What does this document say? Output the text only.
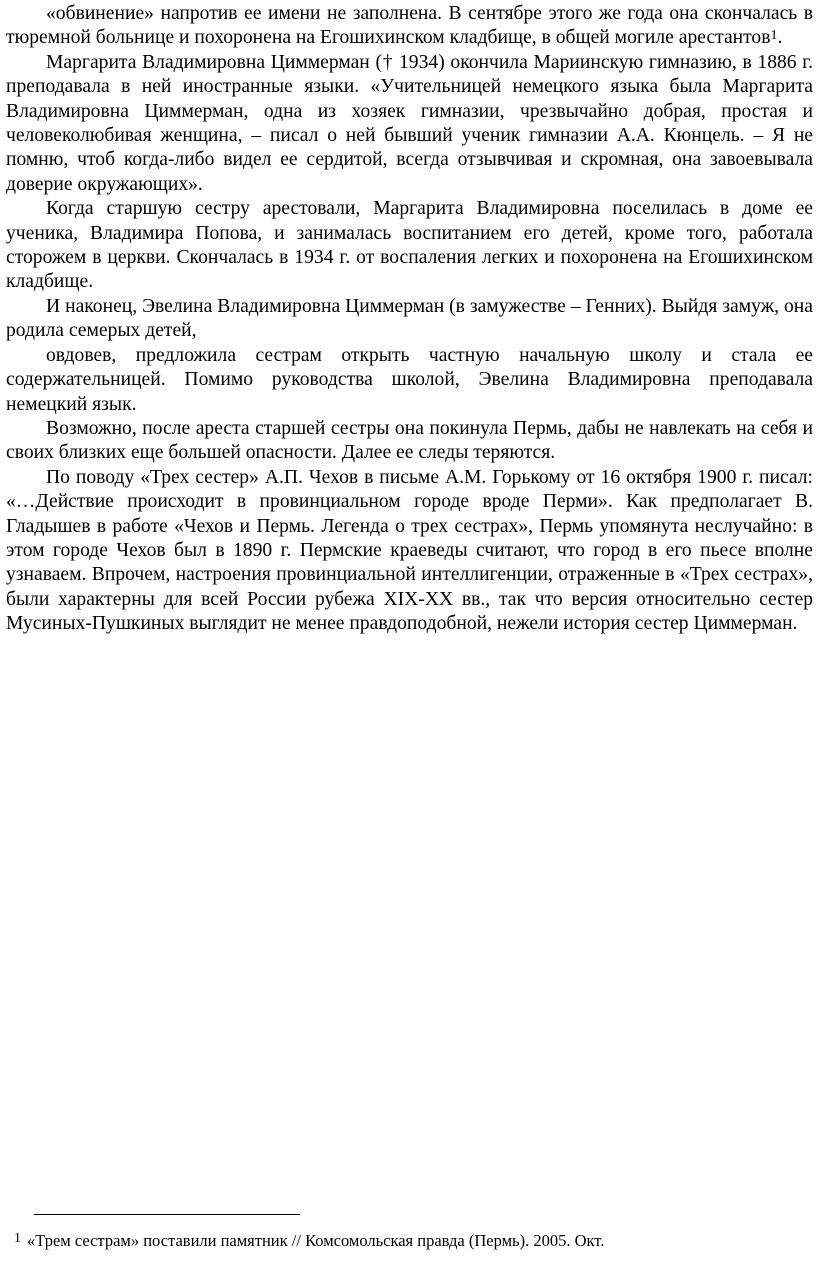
«обвинение» напротив ее имени не заполнена. В сентябре этого же года она скончалась в тюремной больнице и похоронена на Егошихинском кладбище, в общей могиле арестантов$^1$.

Маргарита Владимировна Циммерман († 1934) окончила Мариинскую гимназию, в 1886 г. преподавала в ней иностранные языки. «Учительницей немецкого языка была Маргарита Владимировна Циммерман, одна из хозяек гимназии, чрезвычайно добрая, простая и человеколюбивая женщина, – писал о ней бывший ученик гимназии А.А. Кюнцель. – Я не помню, чтоб когда-либо видел ее сердитой, всегда отзывчивая и скромная, она завоевывала доверие окружающих».

Когда старшую сестру арестовали, Маргарита Владимировна поселилась в доме ее ученика, Владимира Попова, и занималась воспитанием его детей, кроме того, работала сторожем в церкви. Скончалась в 1934 г. от воспаления легких и похоронена на Егошихинском кладбище.

И наконец, Эвелина Владимировна Циммерман (в замужестве – Генних). Выйдя замуж, она родила семерых детей,

овдовев, предложила сестрам открыть частную начальную школу и стала ее содержательницей. Помимо руководства школой, Эвелина Владимировна преподавала немецкий язык.

Возможно, после ареста старшей сестры она покинула Пермь, дабы не навлекать на себя и своих близких еще большей опасности. Далее ее следы теряются.

По поводу «Трех сестер» А.П. Чехов в письме А.М. Горькому от 16 октября 1900 г. писал: «…Действие происходит в провинциальном городе вроде Перми». Как предполагает В. Гладышев в работе «Чехов и Пермь. Легенда о трех сестрах», Пермь упомянута неслучайно: в этом городе Чехов был в 1890 г. Пермские краеведы считают, что город в его пьесе вполне узнаваем. Впрочем, настроения провинциальной интеллигенции, отраженные в «Трех сестрах», были характерны для всей России рубежа XIX-XX вв., так что версия относительно сестер Мусиных-Пушкиных выглядит не менее правдоподобной, нежели история сестер Циммерман.

$^1$ «Трем сестрам» поставили памятник // Комсомольская правда (Пермь). 2005. Окт.
